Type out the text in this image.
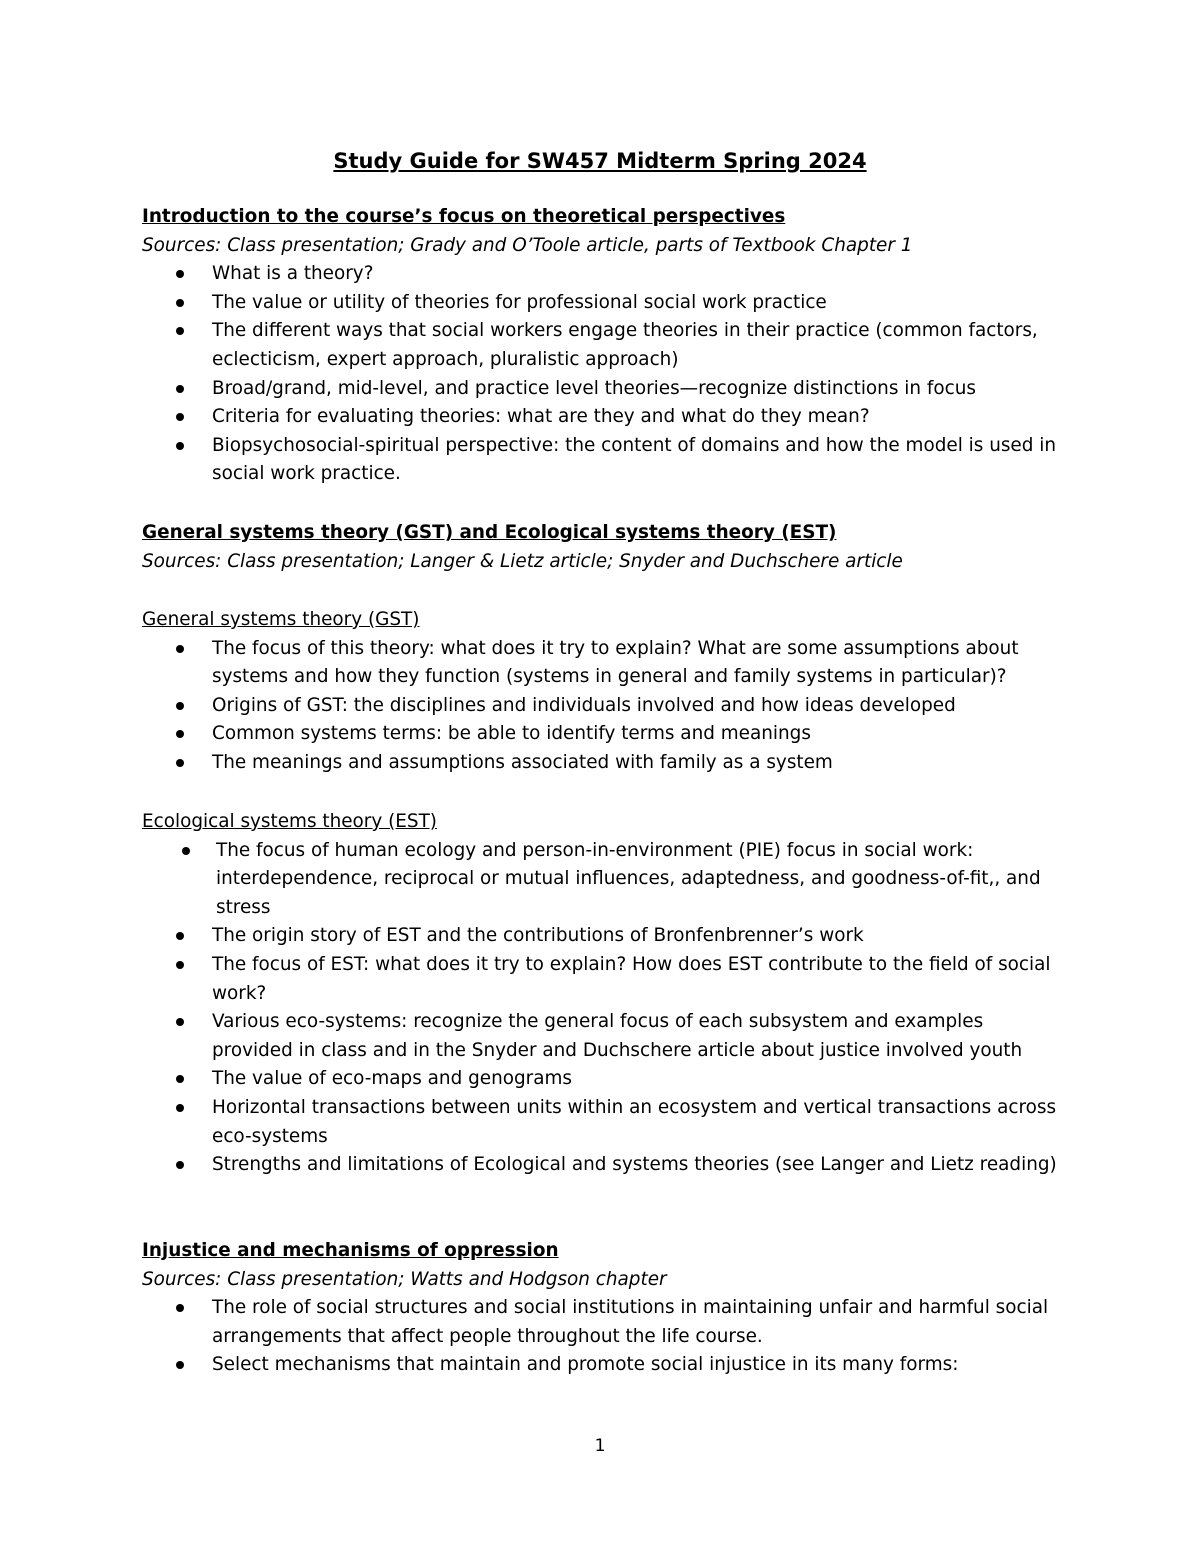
Study Guide for SW457 Midterm Spring 2024

Introduction to the course’s focus on theoretical perspectives

Sources: Class presentation; Grady and O’Toole article, parts of Textbook Chapter 1

What is a theory?
The value or utility of theories for professional social work practice
The different ways that social workers engage theories in their practice (common factors, eclecticism, expert approach, pluralistic approach)
Broad/grand, mid-level, and practice level theories—recognize distinctions in focus
Criteria for evaluating theories: what are they and what do they mean?
Biopsychosocial-spiritual perspective: the content of domains and how the model is used in social work practice.

General systems theory (GST) and Ecological systems theory (EST)

Sources: Class presentation; Langer & Lietz article; Snyder and Duchschere article

General systems theory (GST)

The focus of this theory: what does it try to explain? What are some assumptions about systems and how they function (systems in general and family systems in particular)?
Origins of GST: the disciplines and individuals involved and how ideas developed
Common systems terms: be able to identify terms and meanings
The meanings and assumptions associated with family as a system

Ecological systems theory (EST)

The focus of human ecology and person-in-environment (PIE) focus in social work: interdependence, reciprocal or mutual influences, adaptedness, and goodness-of-fit,, and stress
The origin story of EST and the contributions of Bronfenbrenner’s work
The focus of EST: what does it try to explain? How does EST contribute to the field of social work?
Various eco-systems: recognize the general focus of each subsystem and examples provided in class and in the Snyder and Duchschere article about justice involved youth
The value of eco-maps and genograms
Horizontal transactions between units within an ecosystem and vertical transactions across eco-systems
Strengths and limitations of Ecological and systems theories (see Langer and Lietz reading)

Injustice and mechanisms of oppression

Sources: Class presentation; Watts and Hodgson chapter

The role of social structures and social institutions in maintaining unfair and harmful social arrangements that affect people throughout the life course.
Select mechanisms that maintain and promote social injustice in its many forms:
1
